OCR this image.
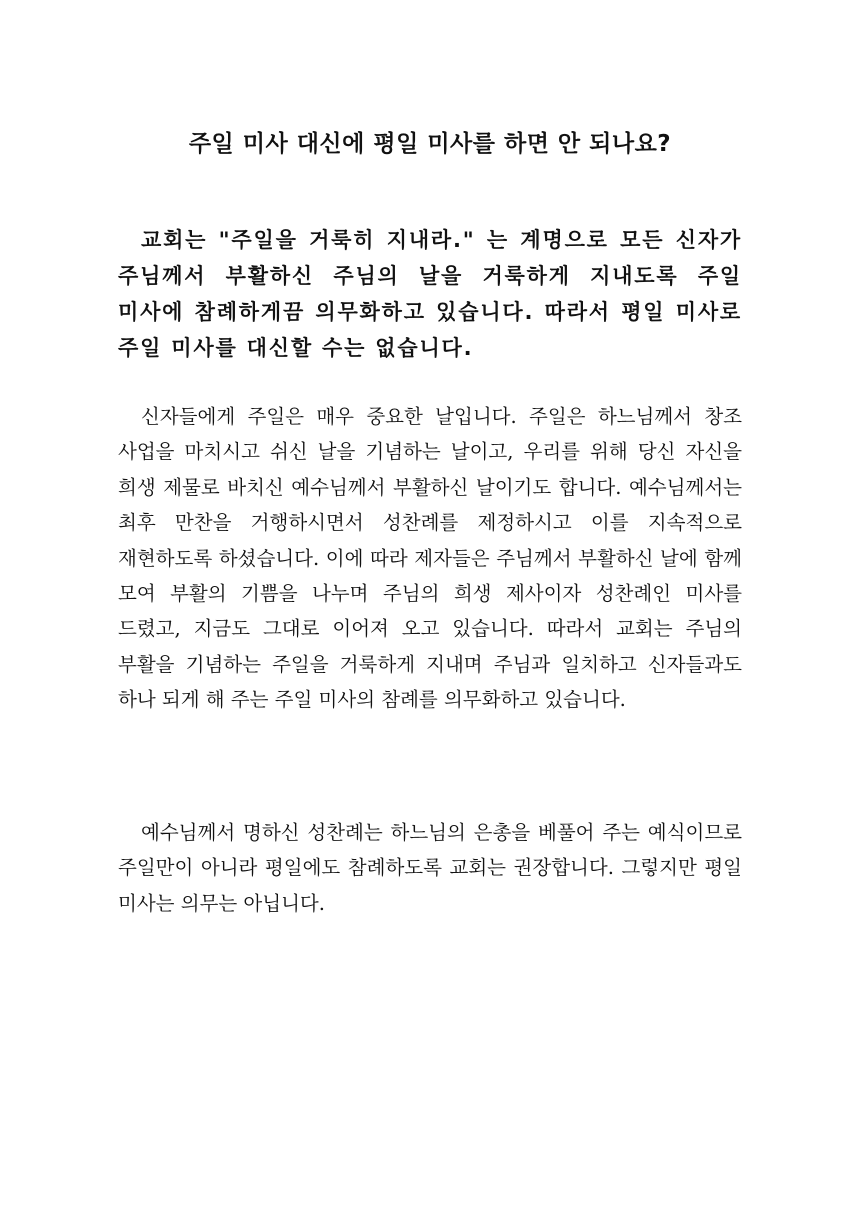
주일 미사 대신에 평일 미사를 하면 안 되나요?

교회는 "주일을 거룩히 지내라." 는 계명으로 모든 신자가 주님께서 부활하신 주님의 날을 거룩하게 지내도록 주일 미사에 참례하게끔 의무화하고 있습니다. 따라서 평일 미사로 주일 미사를 대신할 수는 없습니다.

신자들에게 주일은 매우 중요한 날입니다. 주일은 하느님께서 창조 사업을 마치시고 쉬신 날을 기념하는 날이고, 우리를 위해 당신 자신을 희생 제물로 바치신 예수님께서 부활하신 날이기도 합니다. 예수님께서는 최후 만찬을 거행하시면서 성찬례를 제정하시고 이를 지속적으로 재현하도록 하셨습니다. 이에 따라 제자들은 주님께서 부활하신 날에 함께 모여 부활의 기쁨을 나누며 주님의 희생 제사이자 성찬례인 미사를 드렸고, 지금도 그대로 이어져 오고 있습니다. 따라서 교회는 주님의 부활을 기념하는 주일을 거룩하게 지내며 주님과 일치하고 신자들과도 하나 되게 해 주는 주일 미사의 참례를 의무화하고 있습니다.

예수님께서 명하신 성찬례는 하느님의 은총을 베풀어 주는 예식이므로 주일만이 아니라 평일에도 참례하도록 교회는 권장합니다. 그렇지만 평일 미사는 의무는 아닙니다.
